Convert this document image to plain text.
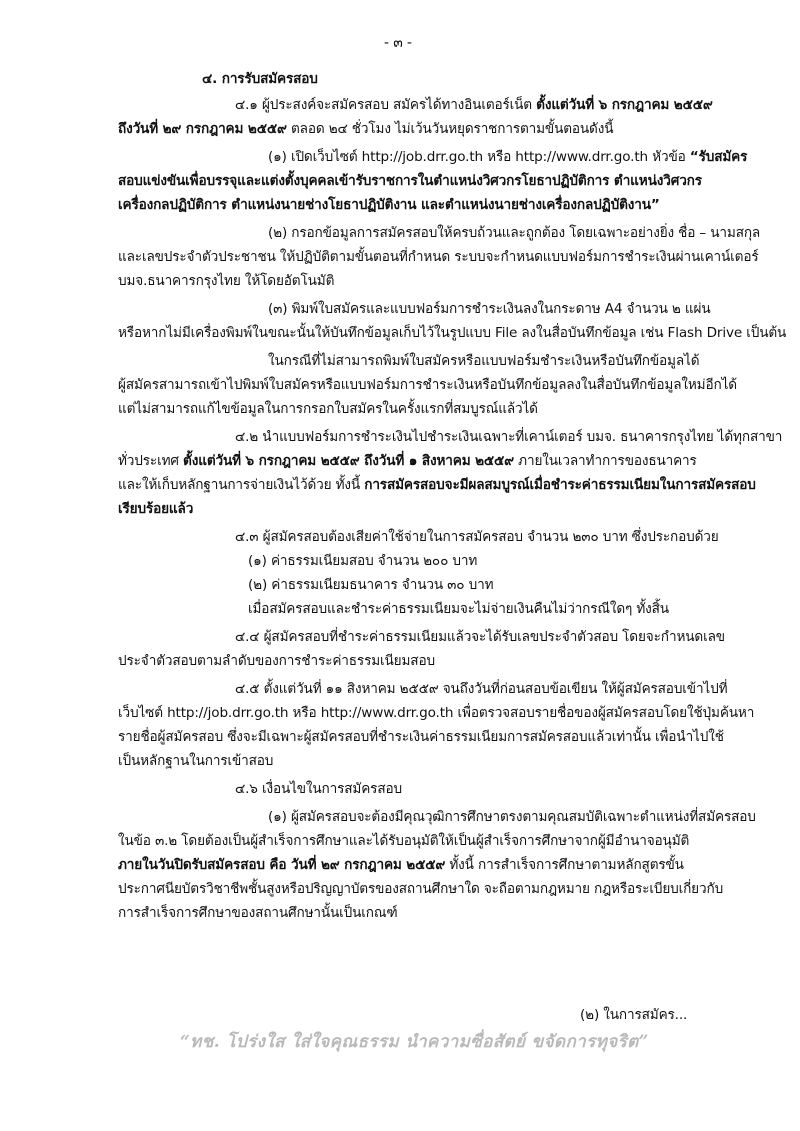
- ๓ -
๔. การรับสมัครสอบ
๔.๑ ผู้ประสงค์จะสมัครสอบ สมัครได้ทางอินเตอร์เน็ต ตั้งแต่วันที่ ๖ กรกฎาคม ๒๕๕๙
ถึงวันที่ ๒๙ กรกฎาคม ๒๕๕๙ ตลอด ๒๔ ชั่วโมง ไม่เว้นวันหยุดราชการตามขั้นตอนดังนี้
(๑) เปิดเว็บไซต์ http://job.drr.go.th หรือ http://www.drr.go.th หัวข้อ “รับสมัคร
สอบแข่งขันเพื่อบรรจุและแต่งตั้งบุคคลเข้ารับราชการในตำแหน่งวิศวกรโยธาปฏิบัติการ ตำแหน่งวิศวกร
เครื่องกลปฏิบัติการ ตำแหน่งนายช่างโยธาปฏิบัติงาน และตำแหน่งนายช่างเครื่องกลปฏิบัติงาน”
(๒) กรอกข้อมูลการสมัครสอบให้ครบถ้วนและถูกต้อง โดยเฉพาะอย่างยิ่ง ชื่อ – นามสกุล
และเลขประจำตัวประชาชน ให้ปฏิบัติตามขั้นตอนที่กำหนด ระบบจะกำหนดแบบฟอร์มการชำระเงินผ่านเคาน์เตอร์
บมจ.ธนาคารกรุงไทย ให้โดยอัตโนมัติ
(๓) พิมพ์ใบสมัครและแบบฟอร์มการชำระเงินลงในกระดาษ A4 จำนวน ๒ แผ่น
หรือหากไม่มีเครื่องพิมพ์ในขณะนั้นให้บันทึกข้อมูลเก็บไว้ในรูปแบบ File ลงในสื่อบันทึกข้อมูล เช่น Flash Drive เป็นต้น
ในกรณีที่ไม่สามารถพิมพ์ใบสมัครหรือแบบฟอร์มชำระเงินหรือบันทึกข้อมูลได้
ผู้สมัครสามารถเข้าไปพิมพ์ใบสมัครหรือแบบฟอร์มการชำระเงินหรือบันทึกข้อมูลลงในสื่อบันทึกข้อมูลใหม่อีกได้
แต่ไม่สามารถแก้ไขข้อมูลในการกรอกใบสมัครในครั้งแรกที่สมบูรณ์แล้วได้
๔.๒ นำแบบฟอร์มการชำระเงินไปชำระเงินเฉพาะที่เคาน์เตอร์ บมจ. ธนาคารกรุงไทย ได้ทุกสาขา
ทั่วประเทศ ตั้งแต่วันที่ ๖ กรกฎาคม ๒๕๕๙ ถึงวันที่ ๑ สิงหาคม ๒๕๕๙ ภายในเวลาทำการของธนาคาร
และให้เก็บหลักฐานการจ่ายเงินไว้ด้วย ทั้งนี้ การสมัครสอบจะมีผลสมบูรณ์เมื่อชำระค่าธรรมเนียมในการสมัครสอบ
เรียบร้อยแล้ว
๔.๓ ผู้สมัครสอบต้องเสียค่าใช้จ่ายในการสมัครสอบ จำนวน ๒๓๐ บาท ซึ่งประกอบด้วย
(๑) ค่าธรรมเนียมสอบ จำนวน ๒๐๐ บาท
(๒) ค่าธรรมเนียมธนาคาร จำนวน ๓๐ บาท
เมื่อสมัครสอบและชำระค่าธรรมเนียมจะไม่จ่ายเงินคืนไม่ว่ากรณีใดๆ ทั้งสิ้น
๔.๔ ผู้สมัครสอบที่ชำระค่าธรรมเนียมแล้วจะได้รับเลขประจำตัวสอบ โดยจะกำหนดเลข
ประจำตัวสอบตามลำดับของการชำระค่าธรรมเนียมสอบ
๔.๕ ตั้งแต่วันที่ ๑๑ สิงหาคม ๒๕๕๙ จนถึงวันที่ก่อนสอบข้อเขียน ให้ผู้สมัครสอบเข้าไปที่
เว็บไซต์ http://job.drr.go.th หรือ http://www.drr.go.th เพื่อตรวจสอบรายชื่อของผู้สมัครสอบโดยใช้ปุ่มค้นหา
รายชื่อผู้สมัครสอบ ซึ่งจะมีเฉพาะผู้สมัครสอบที่ชำระเงินค่าธรรมเนียมการสมัครสอบแล้วเท่านั้น เพื่อนำไปใช้
เป็นหลักฐานในการเข้าสอบ
๔.๖ เงื่อนไขในการสมัครสอบ
(๑) ผู้สมัครสอบจะต้องมีคุณวุฒิการศึกษาตรงตามคุณสมบัติเฉพาะตำแหน่งที่สมัครสอบ
ในข้อ ๓.๒ โดยต้องเป็นผู้สำเร็จการศึกษาและได้รับอนุมัติให้เป็นผู้สำเร็จการศึกษาจากผู้มีอำนาจอนุมัติ
ภายในวันปิดรับสมัครสอบ คือ วันที่ ๒๙ กรกฎาคม ๒๕๕๙ ทั้งนี้ การสำเร็จการศึกษาตามหลักสูตรขั้น
ประกาศนียบัตรวิชาชีพชั้นสูงหรือปริญญาบัตรของสถานศึกษาใด จะถือตามกฎหมาย กฎหรือระเบียบเกี่ยวกับ
การสำเร็จการศึกษาของสถานศึกษานั้นเป็นเกณฑ์
(๒) ในการสมัคร...
“ทช. โปร่งใส ใส่ใจคุณธรรม นำความซื่อสัตย์ ขจัดการทุจริต”
